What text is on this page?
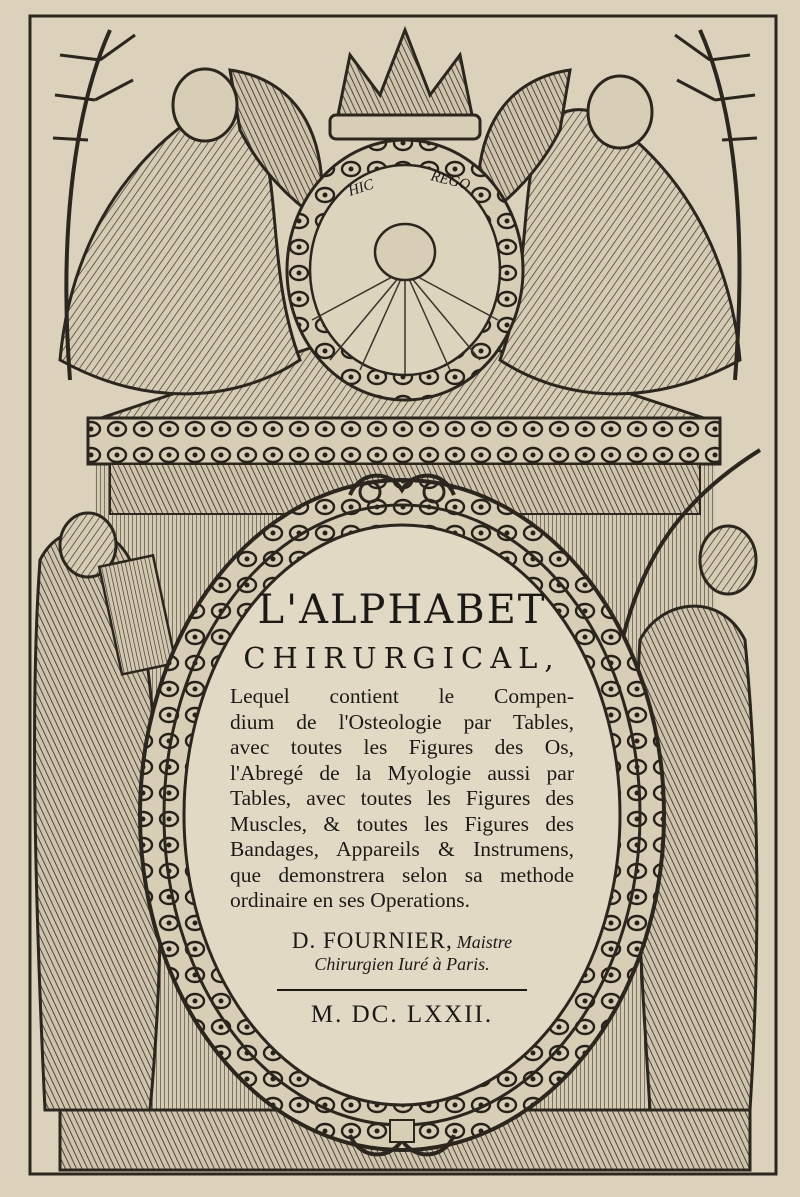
HIC	REGO
L'ALPHABET
CHIRURGICAL,
Lequel contient le Compen-
dium de l'Osteologie par Tables,
avec toutes les Figures des Os,
l'Abregé de la Myologie aussi par
Tables, avec toutes les Figures des
Muscles, & toutes les Figures des
Bandages, Appareils & Instrumens,
que demonstrera selon sa methode
ordinaire en ses Operations.
D. FOURNIER, Maistre
Chirurgien Iuré à Paris.
M. DC. LXXII.
